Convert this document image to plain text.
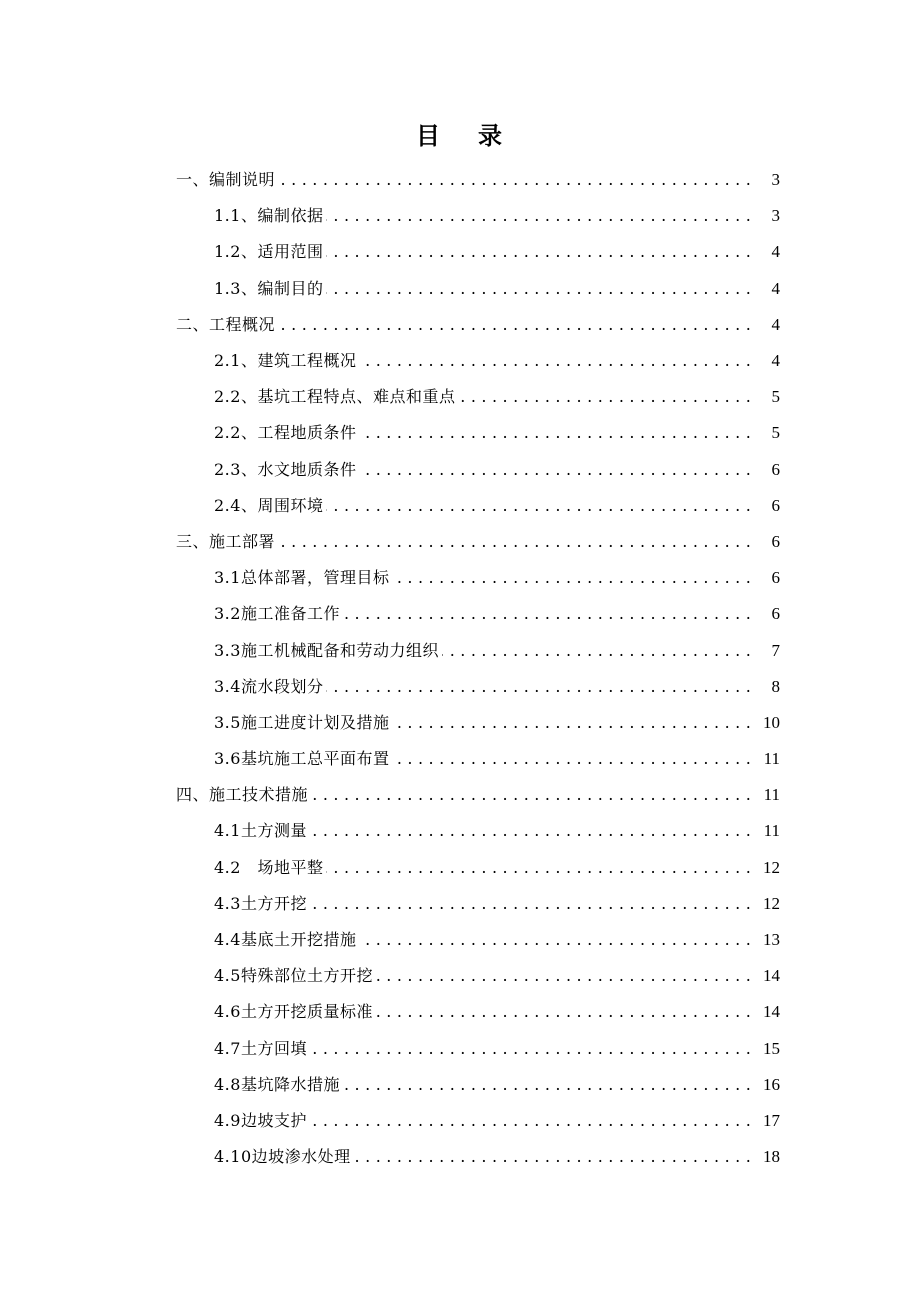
目 录
一、编制说明 . . .	3
1.1、编制依据 . . .	3
1.2、适用范围 . . .	4
1.3、编制目的 . . .	4
二、工程概况 . . .	4
2.1、建筑工程概况 . . .	4
2.2、基坑工程特点、难点和重点 . . .	5
2.2、工程地质条件 . . .	5
2.3、水文地质条件 . . .	6
2.4、周围环境 . . .	6
三、施工部署 . . .	6
3.1总体部署，管理目标 . . .	6
3.2施工准备工作 . . .	6
3.3施工机械配备和劳动力组织 . . .	7
3.4流水段划分 . . .	8
3.5施工进度计划及措施 . . .	10
3.6基坑施工总平面布置 . . .	11
四、施工技术措施 . . .	11
4.1土方测量 . . .	11
4.2　场地平整 . . .	12
4.3土方开挖 . . .	12
4.4基底土开挖措施 . . .	13
4.5特殊部位土方开挖 . . .	14
4.6土方开挖质量标准 . . .	14
4.7土方回填 . . .	15
4.8基坑降水措施 . . .	16
4.9边坡支护 . . .	17
4.10边坡渗水处理 . . .	18
